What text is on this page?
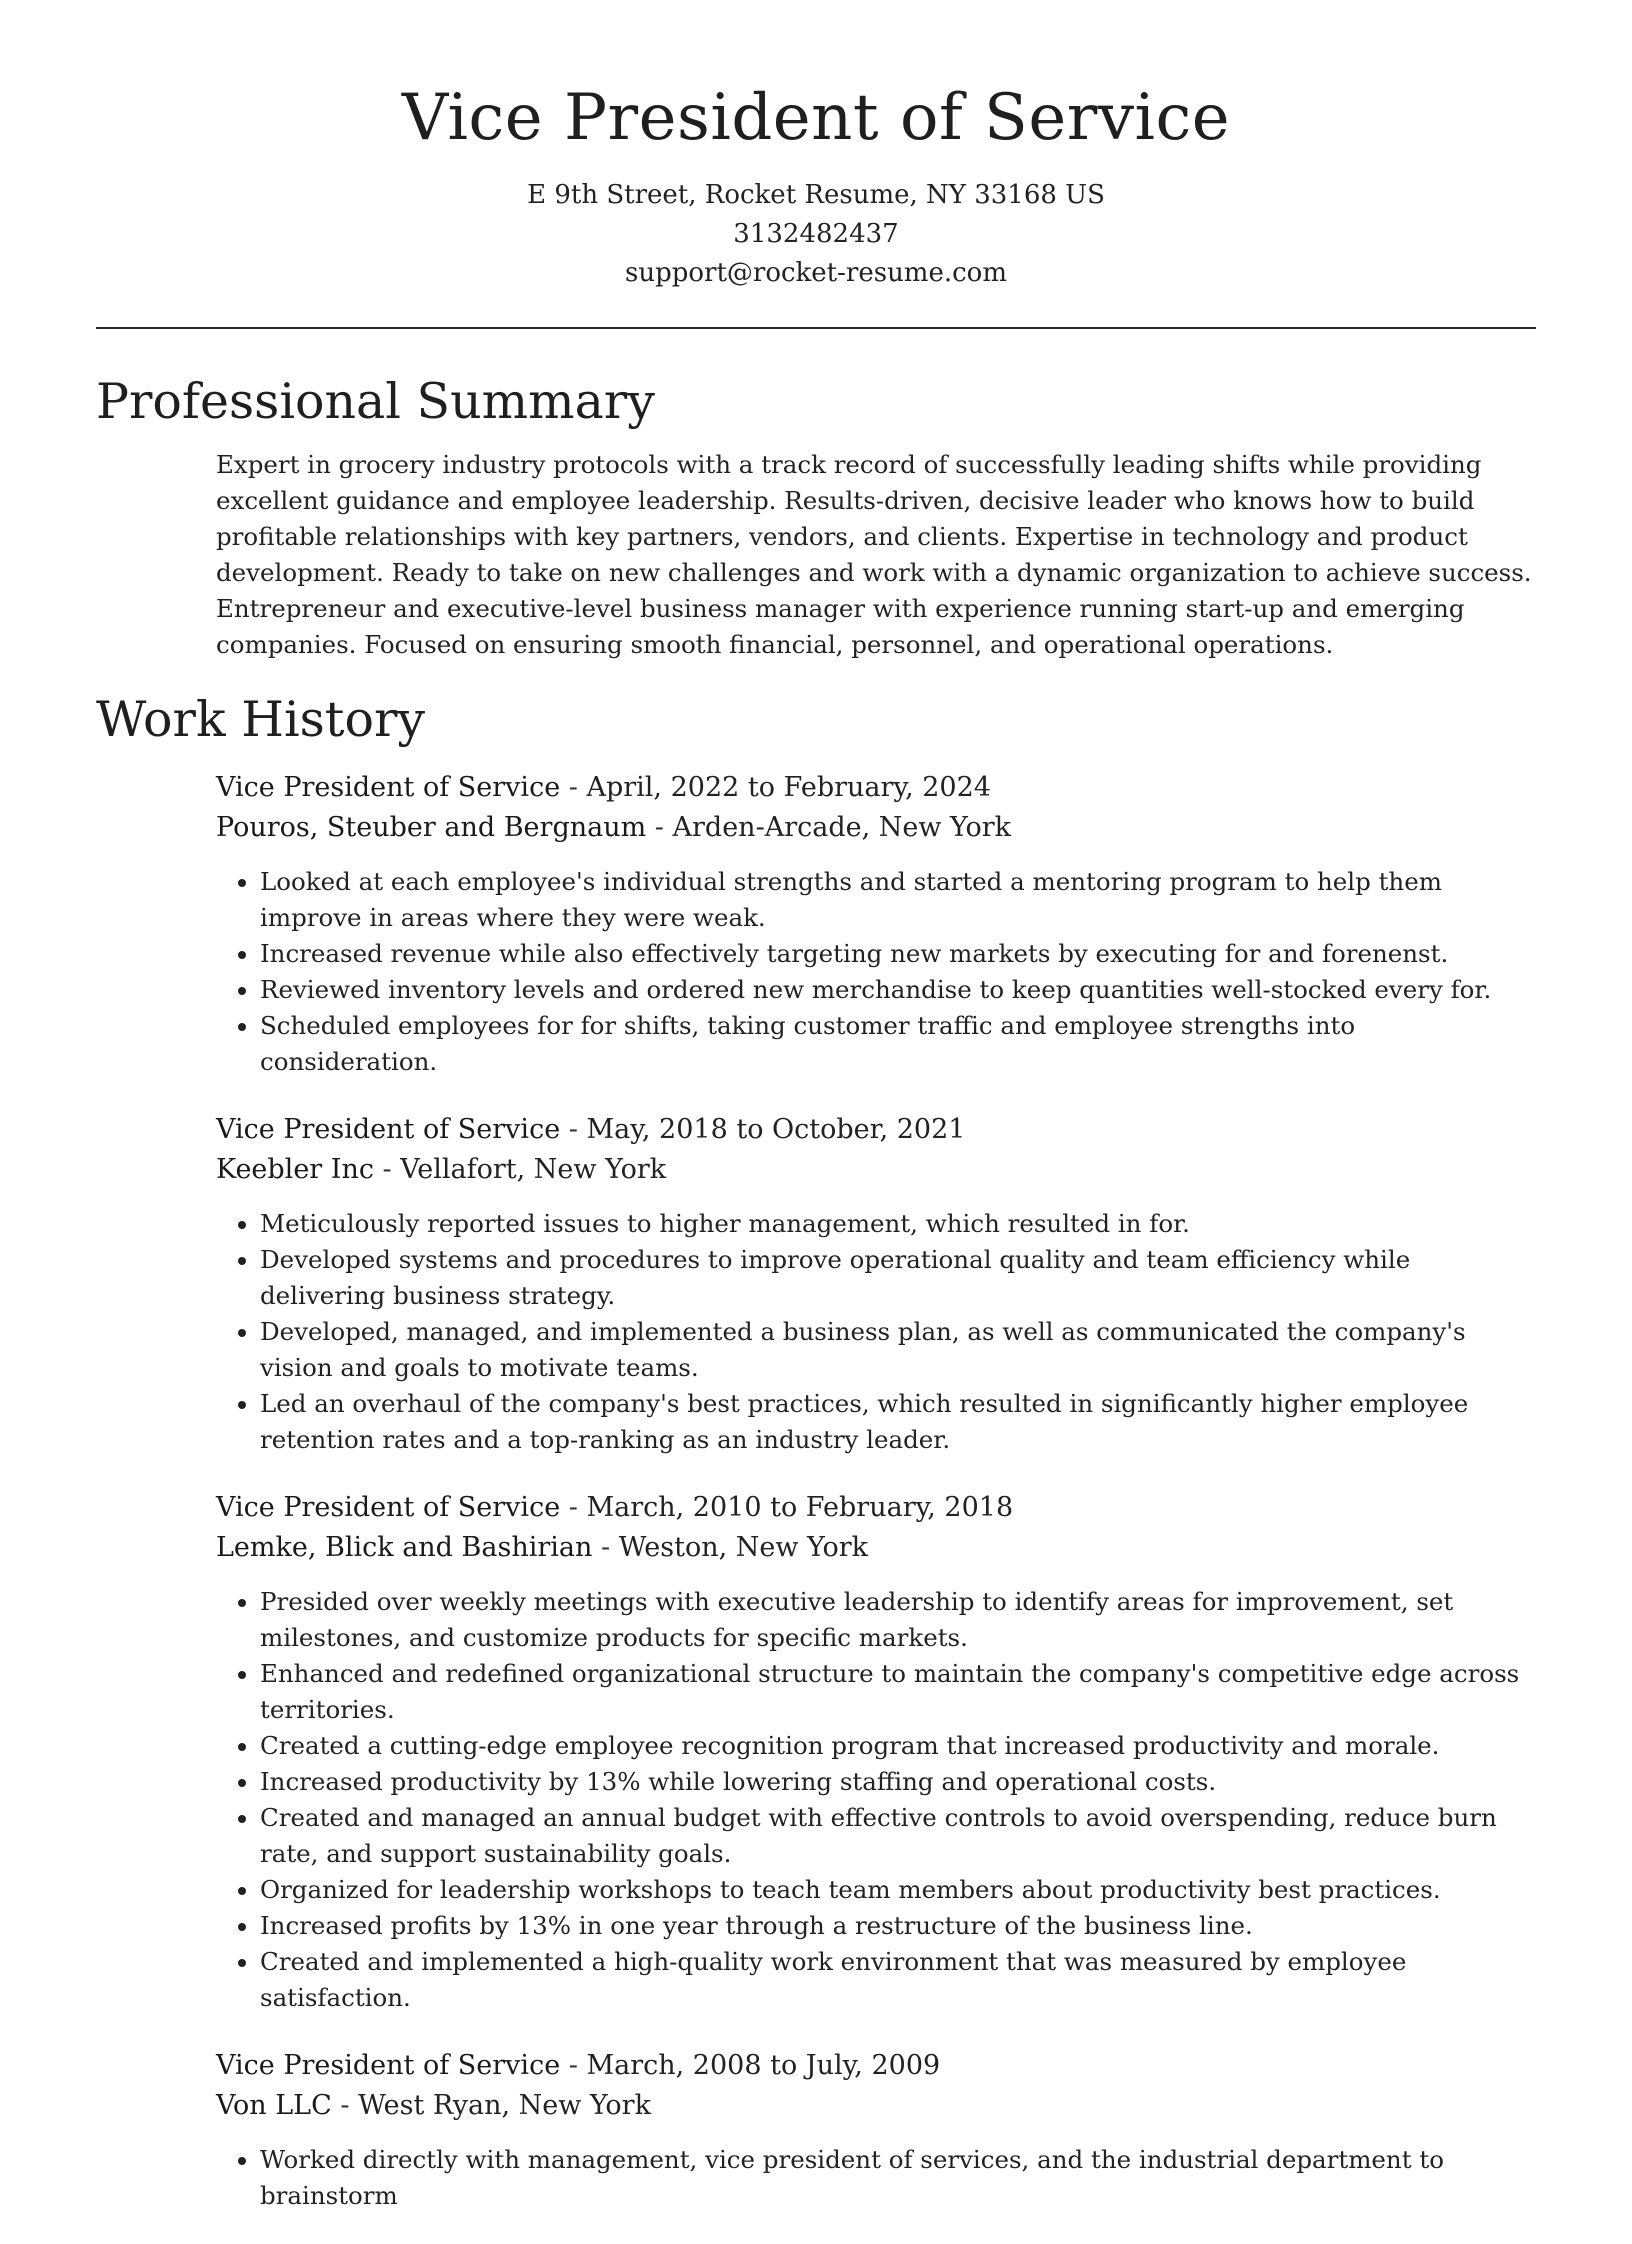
Vice President of Service
E 9th Street, Rocket Resume, NY 33168 US
3132482437
support@rocket-resume.com
Professional Summary
Expert in grocery industry protocols with a track record of successfully leading shifts while providing excellent guidance and employee leadership. Results-driven, decisive leader who knows how to build profitable relationships with key partners, vendors, and clients. Expertise in technology and product development. Ready to take on new challenges and work with a dynamic organization to achieve success. Entrepreneur and executive-level business manager with experience running start-up and emerging companies. Focused on ensuring smooth financial, personnel, and operational operations.
Work History
Vice President of Service - April, 2022 to February, 2024
Pouros, Steuber and Bergnaum - Arden-Arcade, New York
• Looked at each employee's individual strengths and started a mentoring program to help them improve in areas where they were weak.
• Increased revenue while also effectively targeting new markets by executing for and forenenst.
• Reviewed inventory levels and ordered new merchandise to keep quantities well-stocked every for.
• Scheduled employees for for shifts, taking customer traffic and employee strengths into consideration.
Vice President of Service - May, 2018 to October, 2021
Keebler Inc - Vellafort, New York
• Meticulously reported issues to higher management, which resulted in for.
• Developed systems and procedures to improve operational quality and team efficiency while delivering business strategy.
• Developed, managed, and implemented a business plan, as well as communicated the company's vision and goals to motivate teams.
• Led an overhaul of the company's best practices, which resulted in significantly higher employee retention rates and a top-ranking as an industry leader.
Vice President of Service - March, 2010 to February, 2018
Lemke, Blick and Bashirian - Weston, New York
• Presided over weekly meetings with executive leadership to identify areas for improvement, set milestones, and customize products for specific markets.
• Enhanced and redefined organizational structure to maintain the company's competitive edge across territories.
• Created a cutting-edge employee recognition program that increased productivity and morale.
• Increased productivity by 13% while lowering staffing and operational costs.
• Created and managed an annual budget with effective controls to avoid overspending, reduce burn rate, and support sustainability goals.
• Organized for leadership workshops to teach team members about productivity best practices.
• Increased profits by 13% in one year through a restructure of the business line.
• Created and implemented a high-quality work environment that was measured by employee satisfaction.
Vice President of Service - March, 2008 to July, 2009
Von LLC - West Ryan, New York
• Worked directly with management, vice president of services, and the industrial department to brainstorm
